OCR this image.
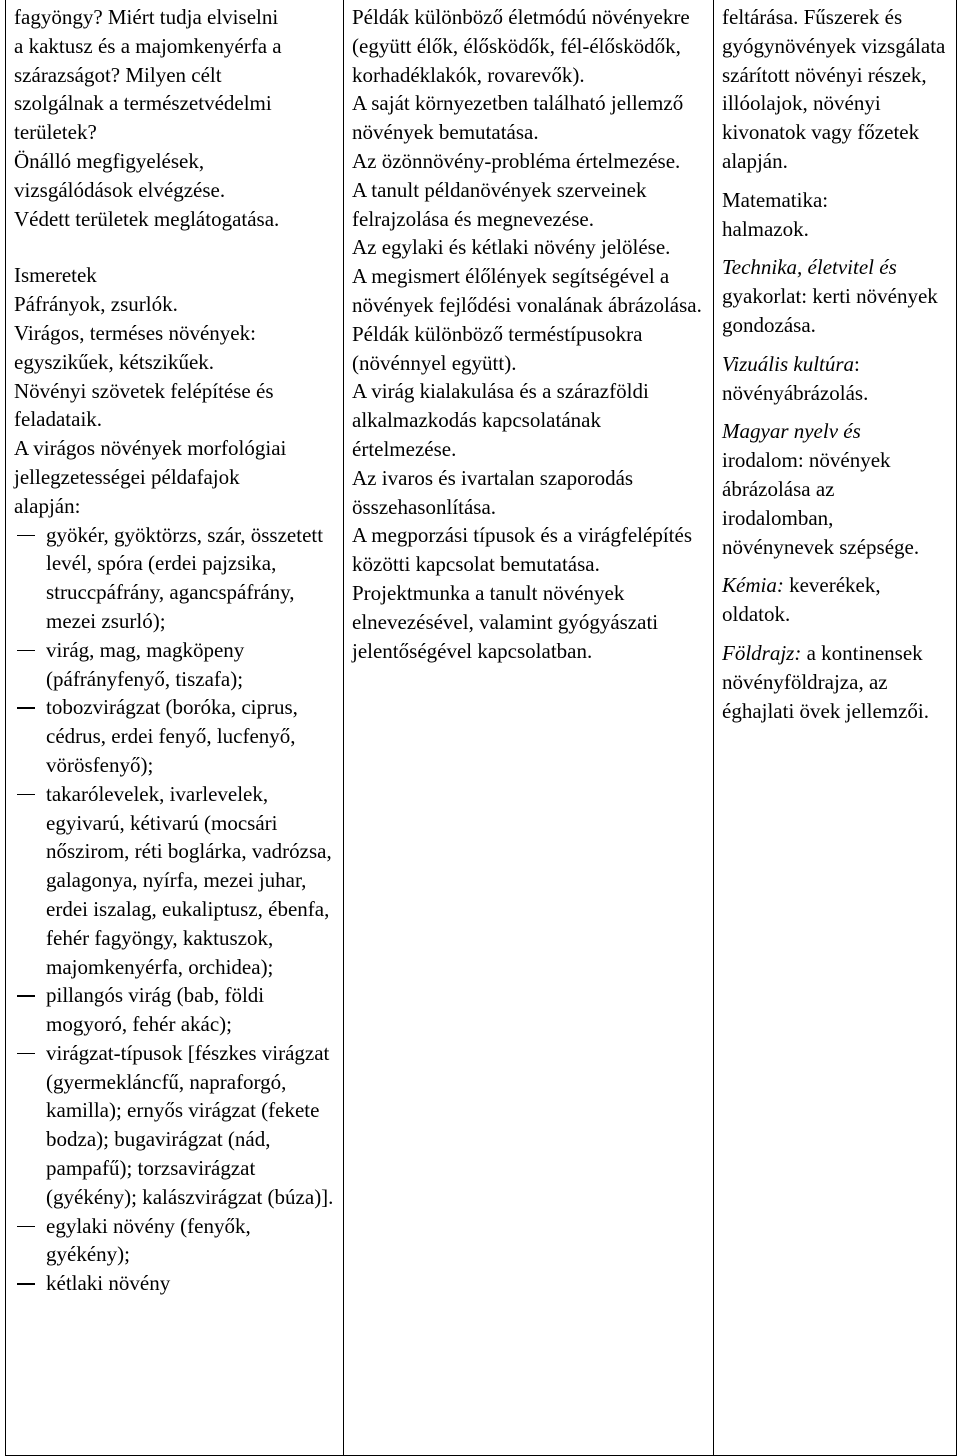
fagyöngy? Miért tudja elviselni
a kaktusz és a majomkenyérfa a
szárazságot? Milyen célt
szolgálnak a természetvédelmi
területek?
Önálló megfigyelések,
vizsgálódások elvégzése.
Védett területek meglátogatása.
Ismeretek
Páfrányok, zsurlók.
Virágos, terméses növények:
egyszikűek, kétszikűek.
Növényi szövetek felépítése és
feladataik.
A virágos növények morfológiai
jellegzetességei példafajok
alapján:
gyökér, gyöktörzs, szár, összetett levél, spóra (erdei pajzsika, struccpáfrány, agancspáfrány, mezei zsurló);
virág, mag, magköpeny (páfrányfenyő, tiszafa);
tobozvirágzat (boróka, ciprus, cédrus, erdei fenyő, lucfenyő, vörösfenyő);
takarólevelek, ivarlevelek, egyivarú, kétivarú (mocsári nőszirom, réti boglárka, vadrózsa, galagonya, nyírfa, mezei juhar, erdei iszalag, eukaliptusz, ébenfa, fehér fagyöngy, kaktuszok, majomkenyérfa, orchidea);
pillangós virág (bab, földi mogyoró, fehér akác);
virágzat-típusok [fészkes virágzat (gyermekláncfű, napraforgó, kamilla); ernyős virágzat (fekete bodza); bugavirágzat (nád, pampafű); torzsavirágzat (gyékény); kalászvirágzat (búza)].
egylaki növény (fenyők, gyékény);
kétlaki növény

Példák különböző életmódú növényekre (együtt élők, élősködők, fél-élősködők, korhadéklakók, rovarevők).
A saját környezetben található jellemző növények bemutatása.
Az özönnövény-probléma értelmezése.
A tanult példanövények szerveinek felrajzolása és megnevezése.
Az egylaki és kétlaki növény jelölése.
A megismert élőlények segítségével a növények fejlődési vonalának ábrázolása.
Példák különböző terméstípusokra (növénnyel együtt).
A virág kialakulása és a szárazföldi alkalmazkodás kapcsolatának értelmezése.
Az ivaros és ivartalan szaporodás összehasonlítása.
A megporzási típusok és a virágfelépítés közötti kapcsolat bemutatása.
Projektmunka a tanult növények elnevezésével, valamint gyógyászati jelentőségével kapcsolatban.

feltárása. Fűszerek és gyógynövények vizsgálata szárított növényi részek, illóolajok, növényi kivonatok vagy főzetek alapján.

Matematika:
halmazok.

Technika, életvitel és
gyakorlat: kerti növények gondozása.

Vizuális kultúra: növényábrázolás.

Magyar nyelv és
irodalom: növények ábrázolása az irodalomban, növénynevek szépsége.

Kémia: keverékek, oldatok.

Földrajz: a kontinensek növényföldrajza, az éghajlati övek jellemzői.
